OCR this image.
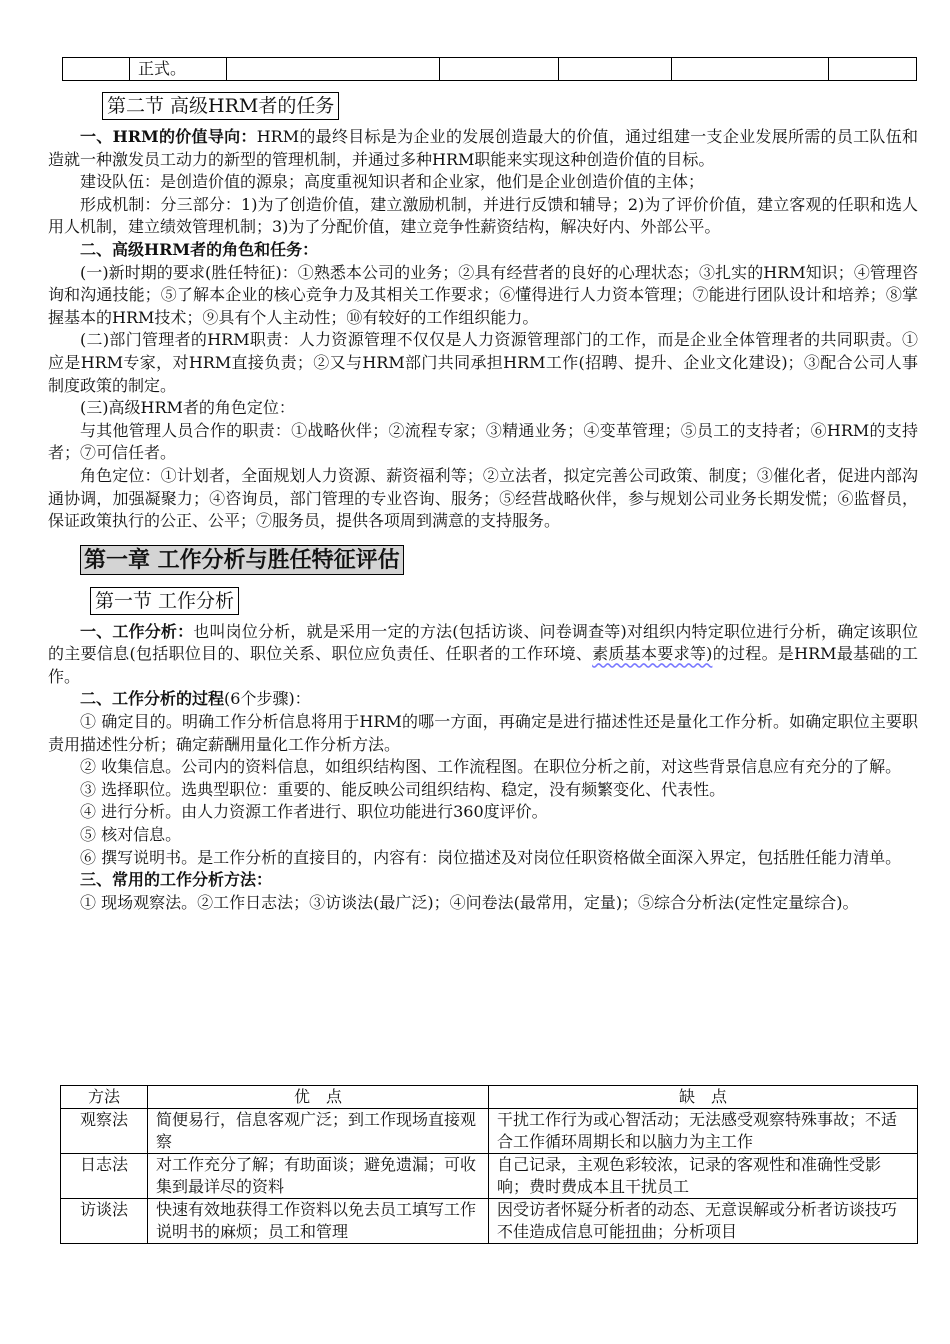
	正式。					
第二节 高级HRM者的任务

一、HRM的价值导向：HRM的最终目标是为企业的发展创造最大的价值，通过组建一支企业发展所需的员工队伍和造就一种激发员工动力的新型的管理机制，并通过多种HRM职能来实现这种创造价值的目标。

建设队伍：是创造价值的源泉；高度重视知识者和企业家，他们是企业创造价值的主体；

形成机制：分三部分：1)为了创造价值，建立激励机制，并进行反馈和辅导；2)为了评价价值，建立客观的任职和选人用人机制，建立绩效管理机制；3)为了分配价值，建立竞争性薪资结构，解决好内、外部公平。

二、高级HRM者的角色和任务：

(一)新时期的要求(胜任特征)：①熟悉本公司的业务；②具有经营者的良好的心理状态；③扎实的HRM知识；④管理咨询和沟通技能；⑤了解本企业的核心竞争力及其相关工作要求；⑥懂得进行人力资本管理；⑦能进行团队设计和培养；⑧掌握基本的HRM技术；⑨具有个人主动性；⑩有较好的工作组织能力。

(二)部门管理者的HRM职责：人力资源管理不仅仅是人力资源管理部门的工作，而是企业全体管理者的共同职责。①应是HRM专家，对HRM直接负责；②又与HRM部门共同承担HRM工作(招聘、提升、企业文化建设)；③配合公司人事制度政策的制定。

(三)高级HRM者的角色定位：

与其他管理人员合作的职责：①战略伙伴；②流程专家；③精通业务；④变革管理；⑤员工的支持者；⑥HRM的支持者；⑦可信任者。

角色定位：①计划者，全面规划人力资源、薪资福利等；②立法者，拟定完善公司政策、制度；③催化者，促进内部沟通协调，加强凝聚力；④咨询员，部门管理的专业咨询、服务；⑤经营战略伙伴，参与规划公司业务长期发慌；⑥监督员，保证政策执行的公正、公平；⑦服务员，提供各项周到满意的支持服务。

第一章 工作分析与胜任特征评估
第一节 工作分析

一、工作分析：也叫岗位分析，就是采用一定的方法(包括访谈、问卷调查等)对组织内特定职位进行分析，确定该职位的主要信息(包括职位目的、职位关系、职位应负责任、任职者的工作环境、素质基本要求等)的过程。是HRM最基础的工作。

二、工作分析的过程(6个步骤)：

① 确定目的。明确工作分析信息将用于HRM的哪一方面，再确定是进行描述性还是量化工作分析。如确定职位主要职责用描述性分析；确定薪酬用量化工作分析方法。

② 收集信息。公司内的资料信息，如组织结构图、工作流程图。在职位分析之前，对这些背景信息应有充分的了解。

③ 选择职位。选典型职位：重要的、能反映公司组织结构、稳定，没有频繁变化、代表性。

④ 进行分析。由人力资源工作者进行、职位功能进行360度评价。

⑤ 核对信息。

⑥ 撰写说明书。是工作分析的直接目的，内容有：岗位描述及对岗位任职资格做全面深入界定，包括胜任能力清单。

三、常用的工作分析方法：

① 现场观察法。②工作日志法；③访谈法(最广泛)；④问卷法(最常用，定量)；⑤综合分析法(定性定量综合)。

方法	优　点	缺　点
观察法	简便易行，信息客观广泛；到工作现场直接观察	干扰工作行为或心智活动；无法感受观察特殊事故；不适合工作循环周期长和以脑力为主工作
日志法	对工作充分了解；有助面谈；避免遗漏；可收集到最详尽的资料	自己记录，主观色彩较浓，记录的客观性和准确性受影响；费时费成本且干扰员工
访谈法	快速有效地获得工作资料以免去员工填写工作说明书的麻烦；员工和管理	因受访者怀疑分析者的动态、无意误解或分析者访谈技巧不佳造成信息可能扭曲；分析项目
